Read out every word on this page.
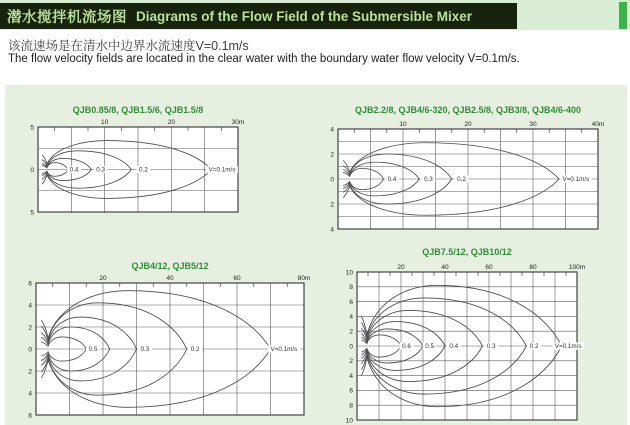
潜水搅拌机流场图 Diagrams of the Flow Field of the Submersible Mixer
该流速场是在清水中边界水流速度V=0.1m/s
The flow velocity fields are located in the clear water with the boundary water flow velocity V=0.1m/s.
QJB0.85/8, QJB1.5/6, QJB1.5/8
10	20	30m
5
0
5
0.4	0.3	0.2	V=0.1m/s
QJB2.2/8, QJB4/6-320, QJB2.5/8, QJB3/8, QJB4/6-400
10	20	30	40m
4
2
0
2
4
0.4	0.3	0.2	V=0.1m/s
QJB4/12, QJB5/12
20	40	60	80m
6
4
2
0
2
4
6
0.5	0.3	0.2	V=0.1m/s
QJB7.5/12, QJB10/12
20	40	60	80	100m
10
8
6
4
2
0
2
4
6
8
10
0.6 0.5 0.4	0.3	0.2	V=0.1m/s
